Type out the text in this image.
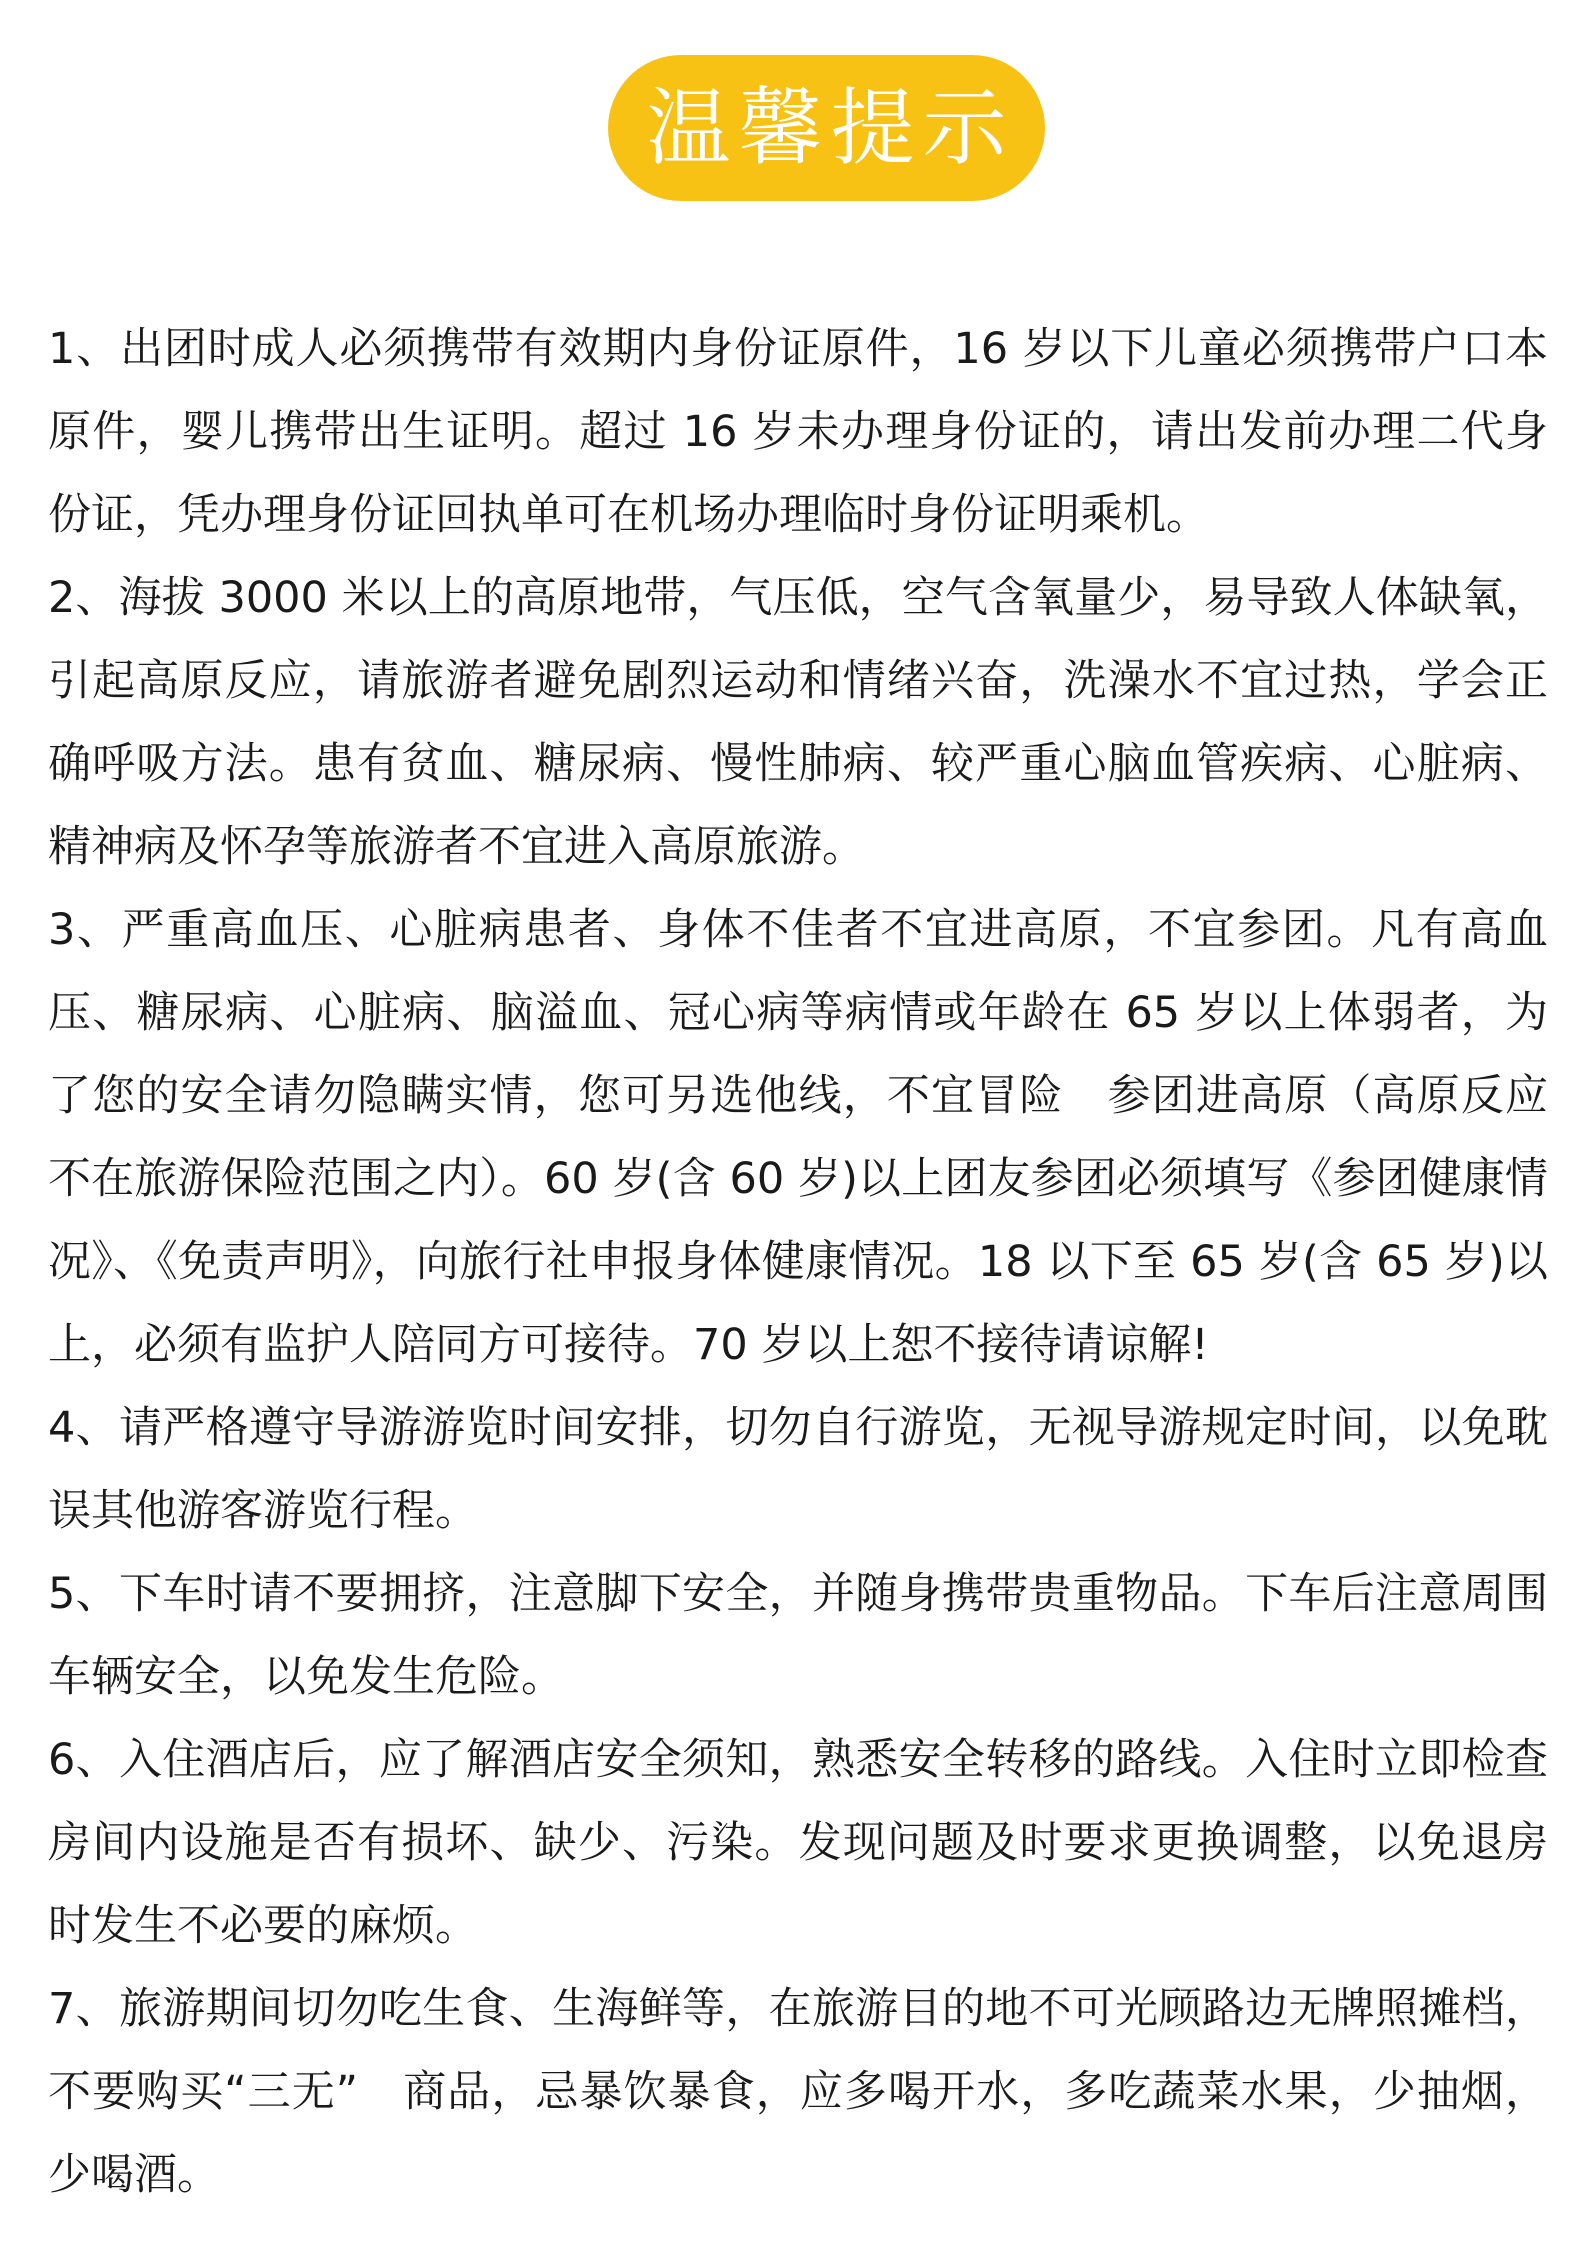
温馨提示

1、出团时成人必须携带有效期内身份证原件，16 岁以下儿童必须携带户口本原件，婴儿携带出生证明。超过 16 岁未办理身份证的，请出发前办理二代身份证，凭办理身份证回执单可在机场办理临时身份证明乘机。

2、海拔 3000 米以上的高原地带，气压低，空气含氧量少，易导致人体缺氧，引起高原反应，请旅游者避免剧烈运动和情绪兴奋，洗澡水不宜过热，学会正确呼吸方法。患有贫血、糖尿病、慢性肺病、较严重心脑血管疾病、心脏病、精神病及怀孕等旅游者不宜进入高原旅游。

3、严重高血压、心脏病患者、身体不佳者不宜进高原，不宜参团。凡有高血压、糖尿病、心脏病、脑溢血、冠心病等病情或年龄在 65 岁以上体弱者，为了您的安全请勿隐瞒实情，您可另选他线，不宜冒险　参团进高原（高原反应不在旅游保险范围之内）。60 岁(含 60 岁)以上团友参团必须填写《参团健康情况》、《免责声明》，向旅行社申报身体健康情况。18 以下至 65 岁(含 65 岁)以上，必须有监护人陪同方可接待。70 岁以上恕不接待请谅解!

4、请严格遵守导游游览时间安排，切勿自行游览，无视导游规定时间，以免耽误其他游客游览行程。

5、下车时请不要拥挤，注意脚下安全，并随身携带贵重物品。下车后注意周围车辆安全，以免发生危险。

6、入住酒店后，应了解酒店安全须知，熟悉安全转移的路线。入住时立即检查房间内设施是否有损坏、缺少、污染。发现问题及时要求更换调整，以免退房时发生不必要的麻烦。

7、旅游期间切勿吃生食、生海鲜等，在旅游目的地不可光顾路边无牌照摊档，不要购买“三无”　商品，忌暴饮暴食，应多喝开水，多吃蔬菜水果，少抽烟，少喝酒。
